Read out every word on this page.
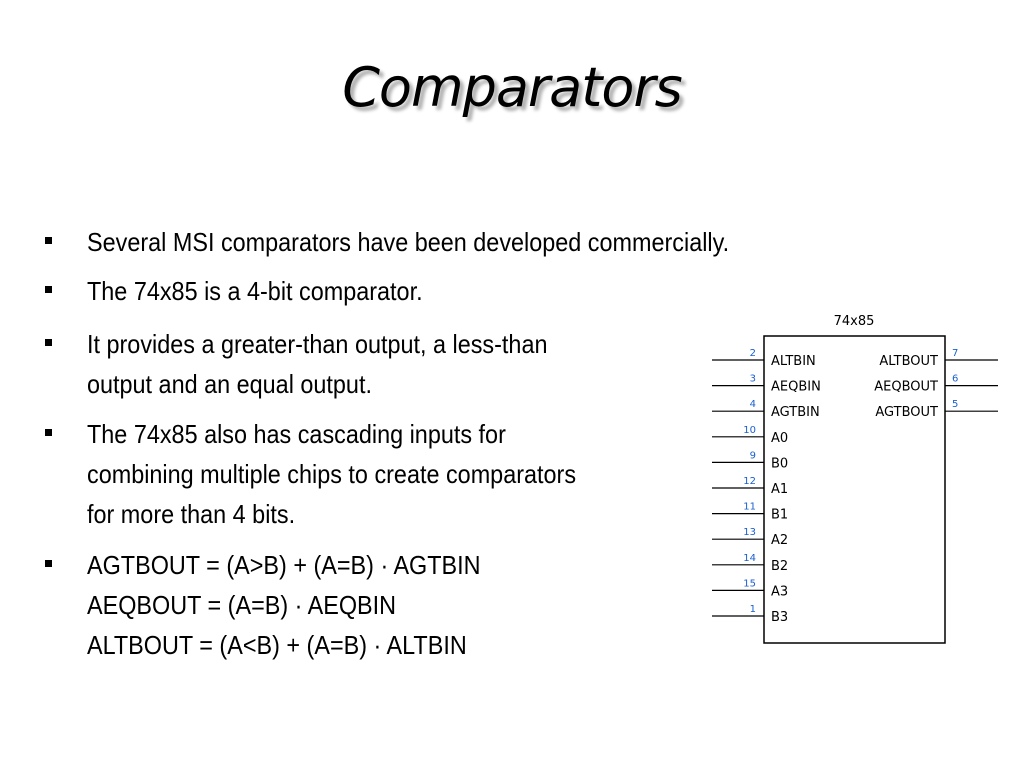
Comparators
Several MSI comparators have been developed commercially.
The 74x85 is a 4-bit comparator.
It provides a greater-than output, a less-than
output and an equal output.
The 74x85 also has cascading inputs for
combining multiple chips to create comparators
for more than 4 bits.
AGTBOUT = (A>B) + (A=B) · AGTBIN
AEQBOUT = (A=B) · AEQBIN
ALTBOUT = (A<B) + (A=B) · ALTBIN
74x85
2
ALTBIN
3
AEQBIN
4
AGTBIN
10
A0
9
B0
12
A1
11
B1
13
A2
14
B2
15
A3
1
B3
7
ALTBOUT
6
AEQBOUT
5
AGTBOUT
